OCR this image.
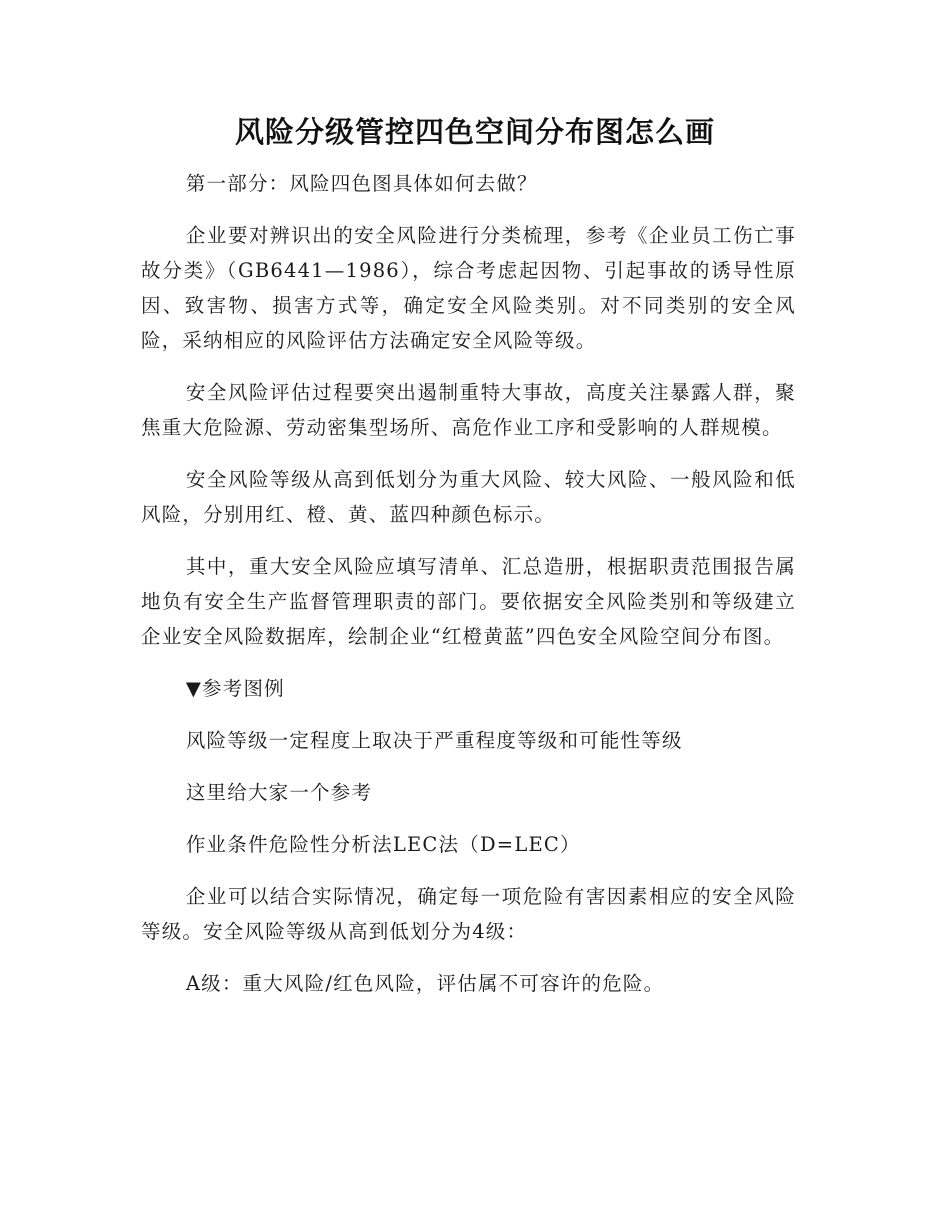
风险分级管控四色空间分布图怎么画

第一部分：风险四色图具体如何去做？

企业要对辨识出的安全风险进行分类梳理，参考《企业员工伤亡事故分类》（GB6441—1986），综合考虑起因物、引起事故的诱导性原因、致害物、损害方式等，确定安全风险类别。对不同类别的安全风险，采纳相应的风险评估方法确定安全风险等级。

安全风险评估过程要突出遏制重特大事故，高度关注暴露人群，聚焦重大危险源、劳动密集型场所、高危作业工序和受影响的人群规模。

安全风险等级从高到低划分为重大风险、较大风险、一般风险和低风险，分别用红、橙、黄、蓝四种颜色标示。

其中，重大安全风险应填写清单、汇总造册，根据职责范围报告属地负有安全生产监督管理职责的部门。要依据安全风险类别和等级建立企业安全风险数据库，绘制企业“红橙黄蓝”四色安全风险空间分布图。

▼参考图例

风险等级一定程度上取决于严重程度等级和可能性等级

这里给大家一个参考

作业条件危险性分析法LEC法（D=LEC）

企业可以结合实际情况，确定每一项危险有害因素相应的安全风险等级。安全风险等级从高到低划分为4级：

A级：重大风险/红色风险，评估属不可容许的危险。
